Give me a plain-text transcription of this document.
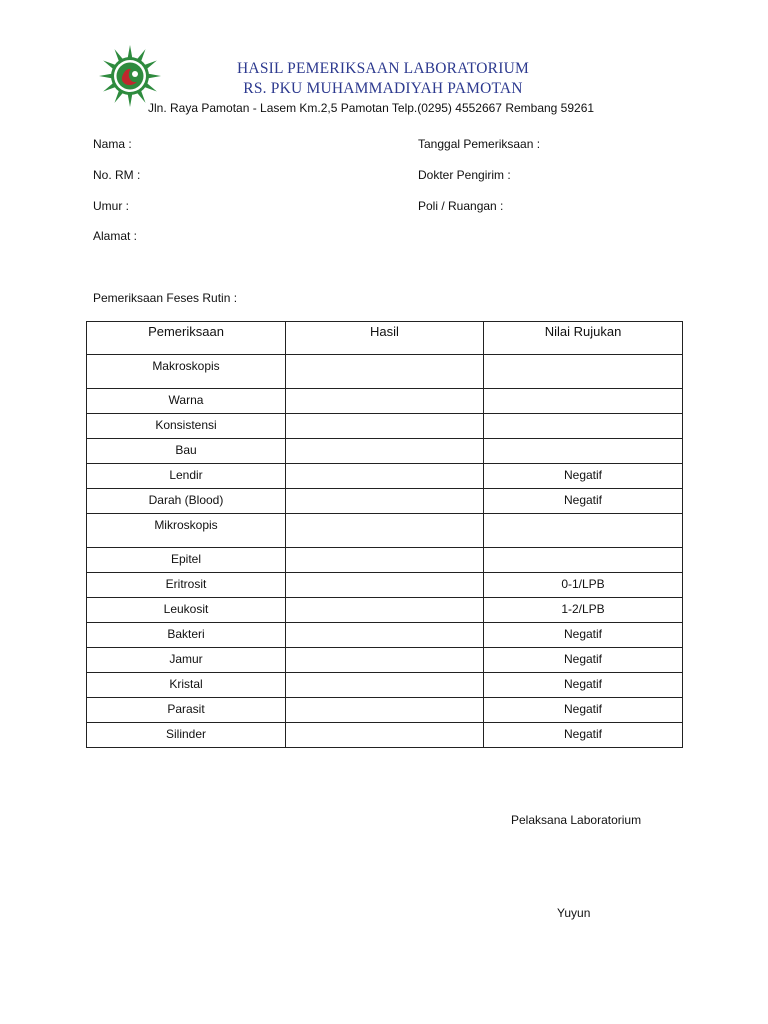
HASIL PEMERIKSAAN LABORATORIUM
RS. PKU MUHAMMADIYAH PAMOTAN
Jln. Raya Pamotan - Lasem Km.2,5 Pamotan Telp.(0295) 4552667 Rembang 59261
Nama :
No. RM :
Umur :
Alamat :
Tanggal Pemeriksaan :
Dokter Pengirim :
Poli / Ruangan :
Pemeriksaan Feses Rutin :
Pemeriksaan	Hasil	Nilai Rujukan

Makroskopis		

Warna		

Konsistensi		

Bau		

Lendir		Negatif

Darah (Blood)		Negatif

Mikroskopis		

Epitel		

Eritrosit		0-1/LPB

Leukosit		1-2/LPB

Bakteri		Negatif

Jamur		Negatif

Kristal		Negatif

Parasit		Negatif

Silinder		Negatif
Pelaksana Laboratorium
Yuyun
